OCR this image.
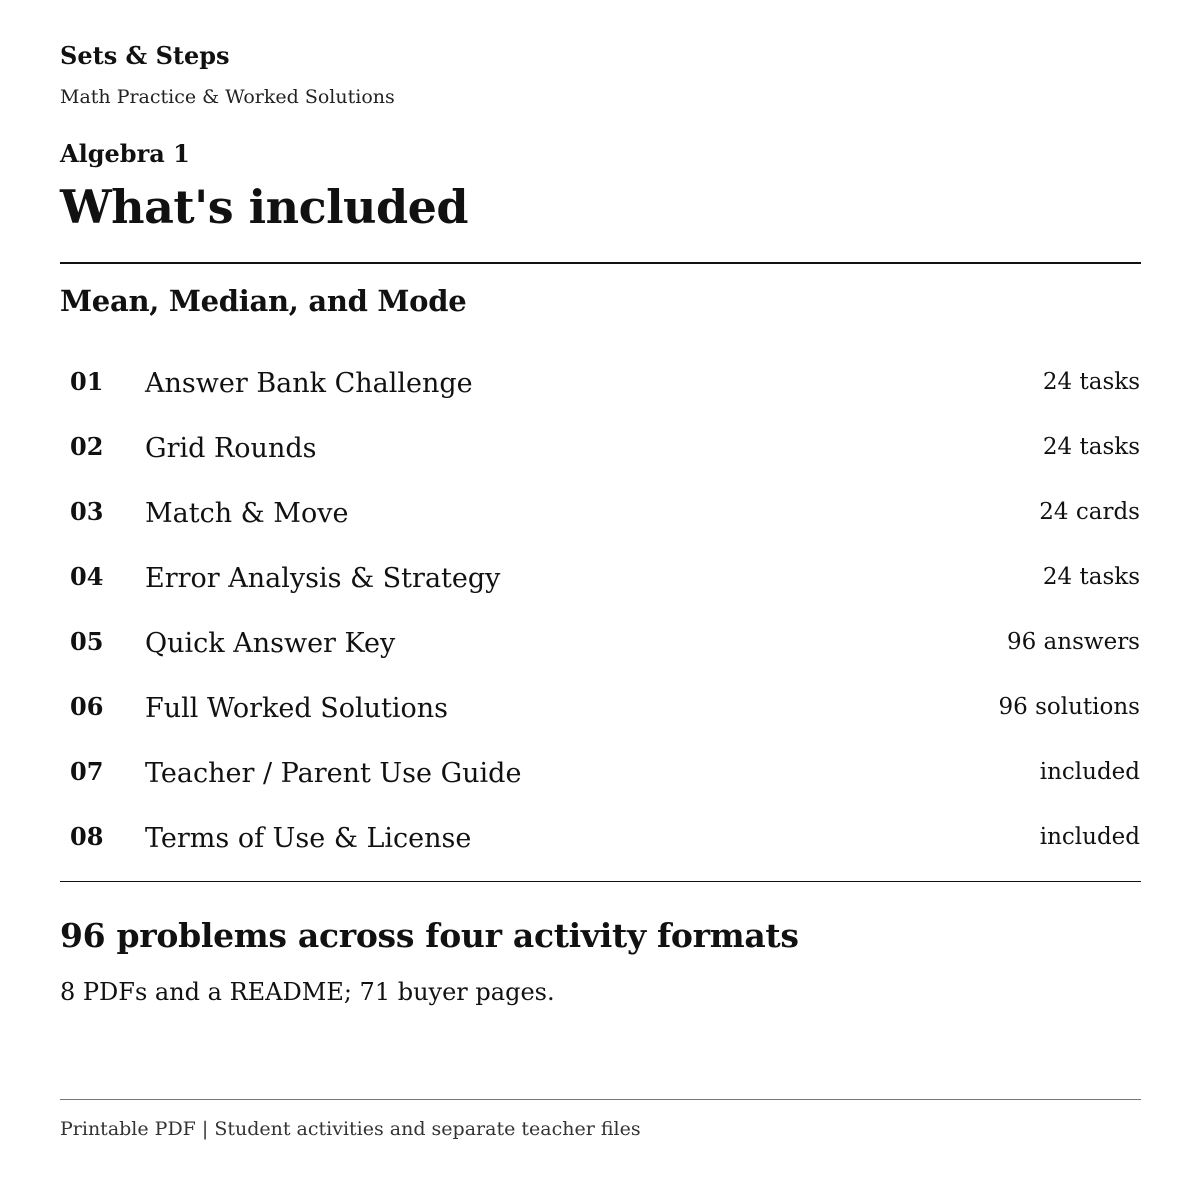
Sets & Steps
Math Practice & Worked Solutions
Algebra 1
What's included
Mean, Median, and Mode
01 Answer Bank Challenge	24 tasks
02 Grid Rounds	24 tasks
03 Match & Move	24 cards
04 Error Analysis & Strategy	24 tasks
05 Quick Answer Key	96 answers
06 Full Worked Solutions	96 solutions
07 Teacher / Parent Use Guide	included
08 Terms of Use & License	included
96 problems across four activity formats
8 PDFs and a README; 71 buyer pages.
Printable PDF | Student activities and separate teacher files
